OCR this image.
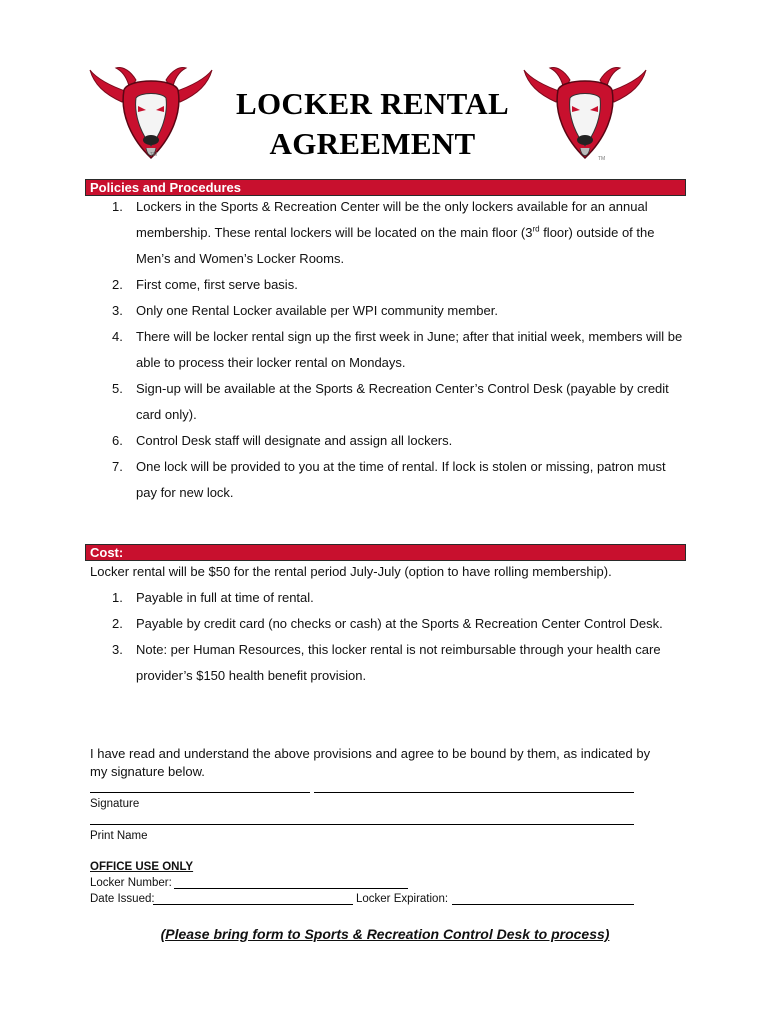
TM
TM
LOCKER RENTAL
AGREEMENT
Policies and Procedures
1. Lockers in the Sports & Recreation Center will be the only lockers available for an annual
membership. These rental lockers will be located on the main floor (3rd floor) outside of the
Men’s and Women’s Locker Rooms.
2. First come, first serve basis.
3. Only one Rental Locker available per WPI community member.
4. There will be locker rental sign up the first week in June; after that initial week, members will be
able to process their locker rental on Mondays.
5. Sign-up will be available at the Sports & Recreation Center’s Control Desk (payable by credit
card only).
6. Control Desk staff will designate and assign all lockers.
7. One lock will be provided to you at the time of rental. If lock is stolen or missing, patron must
pay for new lock.
Cost:
Locker rental will be $50 for the rental period July-July (option to have rolling membership).
1. Payable in full at time of rental.
2. Payable by credit card (no checks or cash) at the Sports & Recreation Center Control Desk.
3. Note: per Human Resources, this locker rental is not reimbursable through your health care
provider’s $150 health benefit provision.
I have read and understand the above provisions and agree to be bound by them, as indicated by
my signature below.
Signature
Print Name
OFFICE USE ONLY
Locker Number:
Date Issued:	Locker Expiration:
(Please bring form to Sports & Recreation Control Desk to process)
